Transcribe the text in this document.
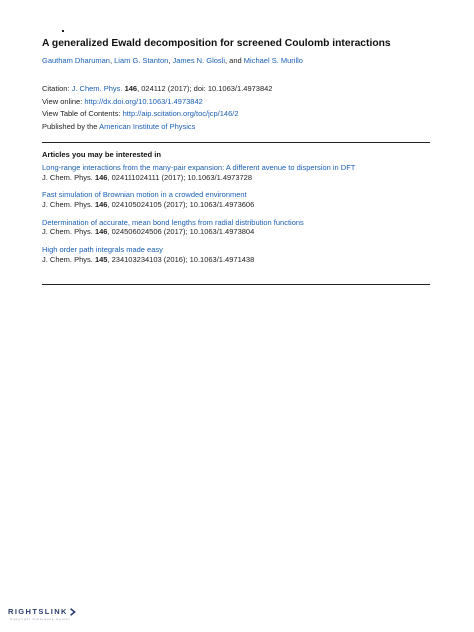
A generalized Ewald decomposition for screened Coulomb interactions
Gautham Dharuman, Liam G. Stanton, James N. Glosli, and Michael S. Murillo
Citation: J. Chem. Phys. 146, 024112 (2017); doi: 10.1063/1.4973842
View online: http://dx.doi.org/10.1063/1.4973842
View Table of Contents: http://aip.scitation.org/toc/jcp/146/2
Published by the American Institute of Physics
Articles you may be interested in
Long-range interactions from the many-pair expansion: A different avenue to dispersion in DFT
J. Chem. Phys. 146, 024111024111 (2017); 10.1063/1.4973728
Fast simulation of Brownian motion in a crowded environment
J. Chem. Phys. 146, 024105024105 (2017); 10.1063/1.4973606
Determination of accurate, mean bond lengths from radial distribution functions
J. Chem. Phys. 146, 024506024506 (2017); 10.1063/1.4973804
High order path integrals made easy
J. Chem. Phys. 145, 234103234103 (2016); 10.1063/1.4971438
RIGHTSLINK
Copyright Clearance Center
